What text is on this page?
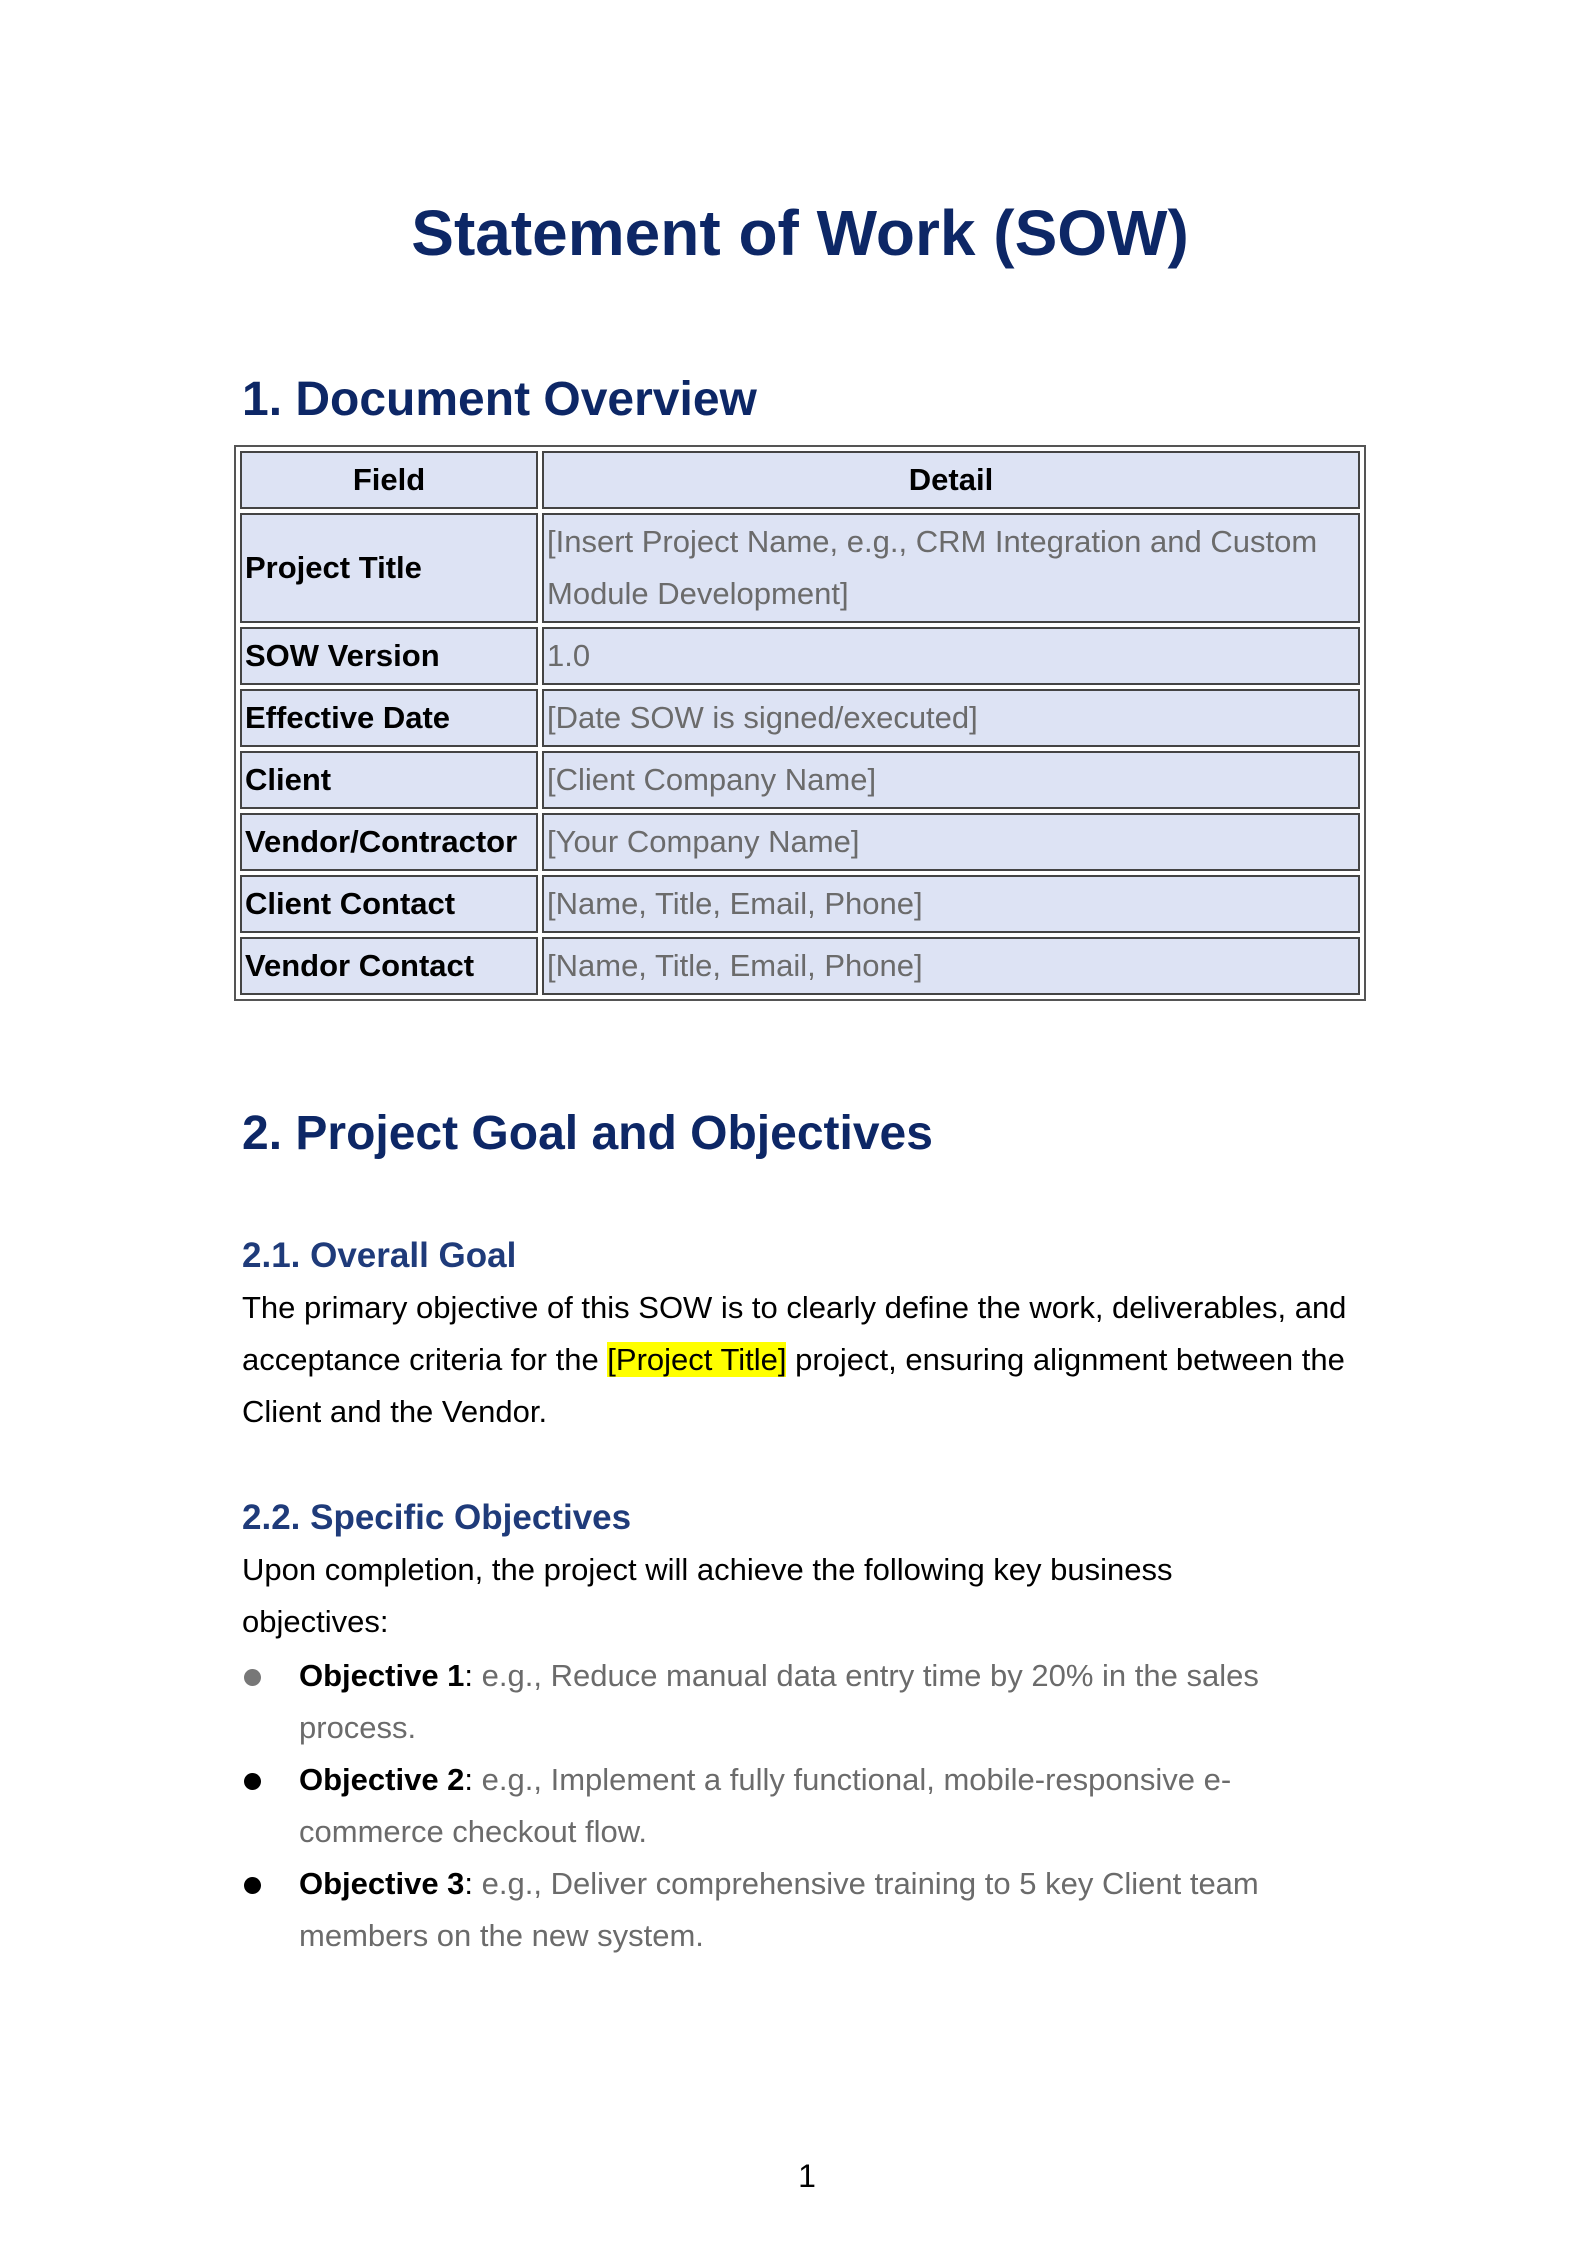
Statement of Work (SOW)
1. Document Overview
Field	Detail
Project Title	[Insert Project Name, e.g., CRM Integration and Custom Module Development]
SOW Version	1.0
Effective Date	[Date SOW is signed/executed]
Client	[Client Company Name]
Vendor/Contractor	[Your Company Name]
Client Contact	[Name, Title, Email, Phone]
Vendor Contact	[Name, Title, Email, Phone]
2. Project Goal and Objectives
2.1. Overall Goal

The primary objective of this SOW is to clearly define the work, deliverables, and acceptance criteria for the [Project Title] project, ensuring alignment between the Client and the Vendor.

2.2. Specific Objectives

Upon completion, the project will achieve the following key business objectives:

Objective 1: e.g., Reduce manual data entry time by 20% in the sales process.
Objective 2: e.g., Implement a fully functional, mobile-responsive e-commerce checkout flow.
Objective 3: e.g., Deliver comprehensive training to 5 key Client team members on the new system.
1
